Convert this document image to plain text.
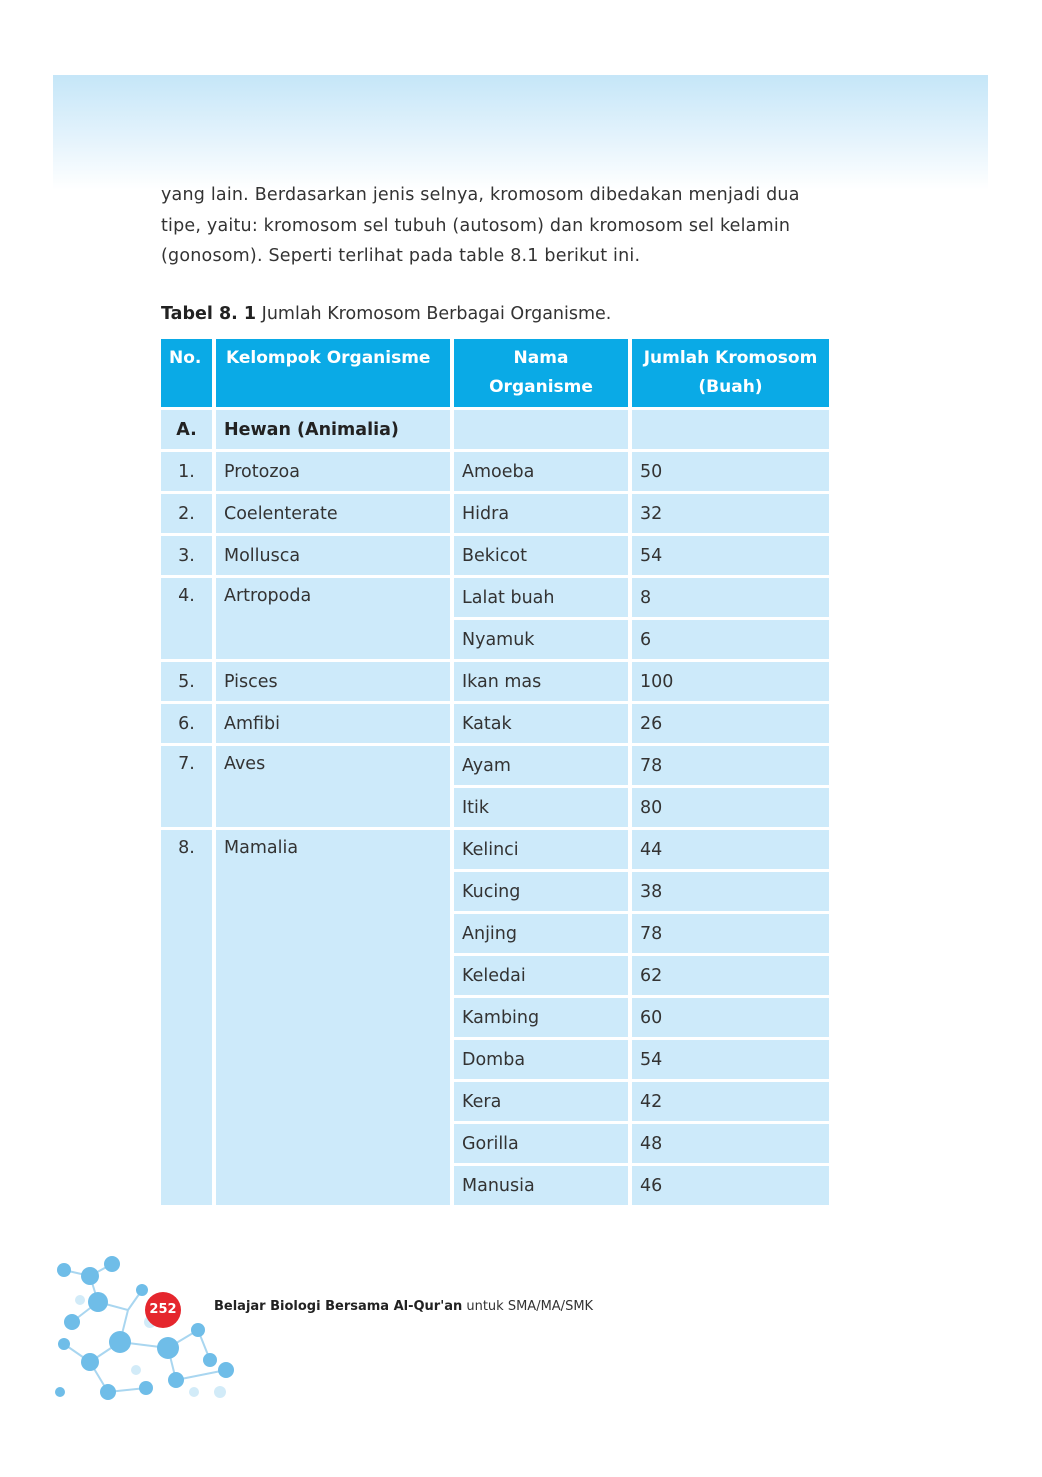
yang lain. Berdasarkan jenis selnya, kromosom dibedakan menjadi dua

tipe, yaitu: kromosom sel tubuh (autosom) dan kromosom sel kelamin

(gonosom). Seperti terlihat pada table 8.1 berikut ini.

Tabel 8. 1 Jumlah Kromosom Berbagai Organisme.
No.	Kelompok Organisme	Nama Organisme	Jumlah Kromosom (Buah)
A.	Hewan (Animalia)		
1.	Protozoa	Amoeba	50
2.	Coelenterate	Hidra	32
3.	Mollusca	Bekicot	54
4.	Artropoda	Lalat buah	8
		Nyamuk	6
5.	Pisces	Ikan mas	100
6.	Amfibi	Katak	26
7.	Aves	Ayam	78
		Itik	80
8.	Mamalia	Kelinci	44
		Kucing	38
		Anjing	78
		Keledai	62
		Kambing	60
		Domba	54
		Kera	42
		Gorilla	48
		Manusia	46
252	Belajar Biologi Bersama Al-Qur'an untuk SMA/MA/SMK
